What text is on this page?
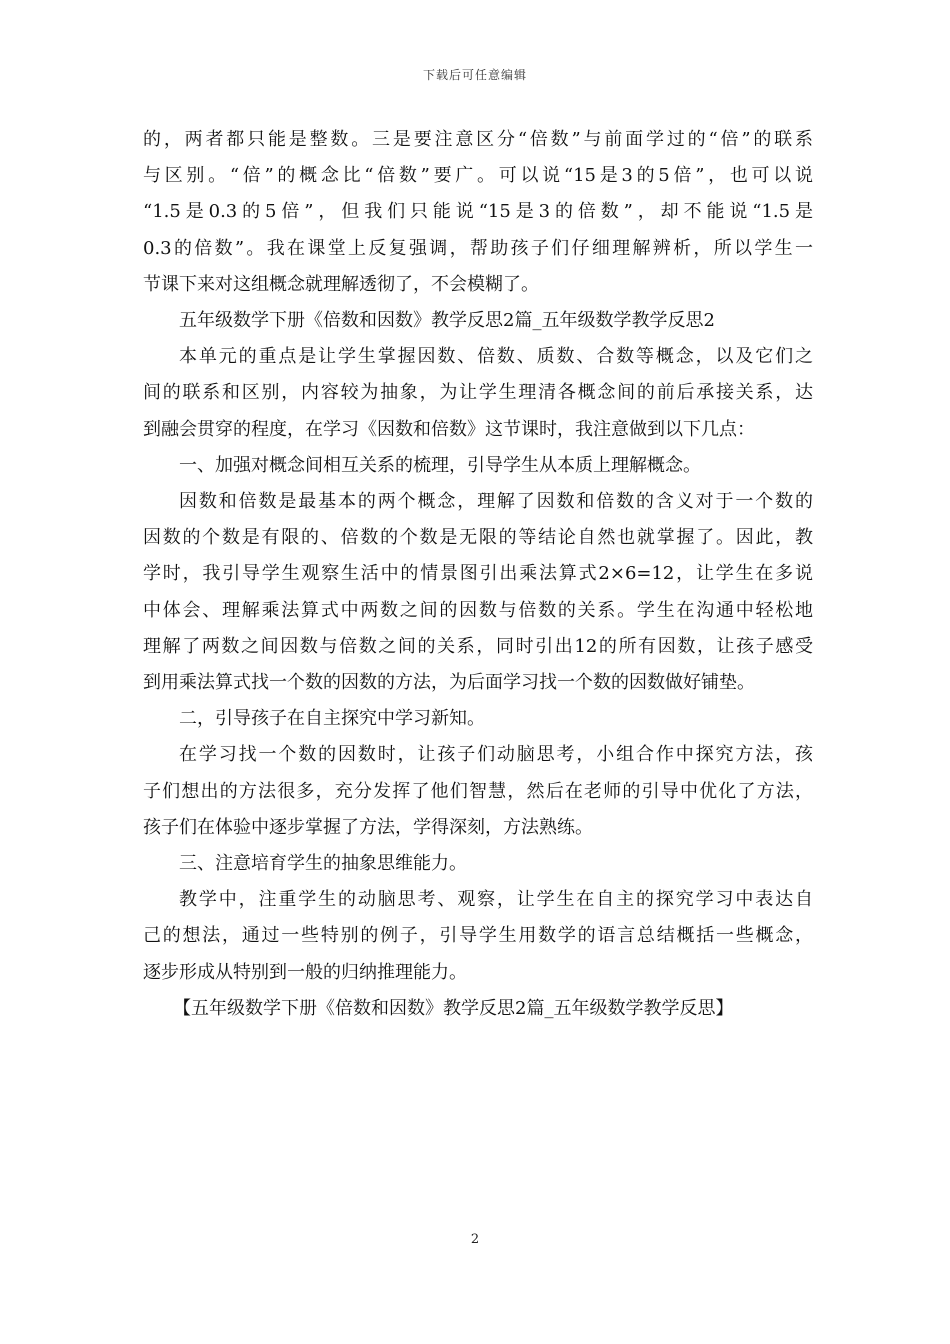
下载后可任意编辑
的，两者都只能是整数。三是要注意区分“倍数”与前面学过的“倍”的联系
与区别。“倍”的概念比“倍数”要广。可以说“15是3的5倍”，也可以说
“1.5是0.3的5倍”，但我们只能说“15是3的倍数”，却不能说“1.5是
0.3的倍数”。我在课堂上反复强调，帮助孩子们仔细理解辨析，所以学生一
节课下来对这组概念就理解透彻了，不会模糊了。
五年级数学下册《倍数和因数》教学反思2篇_五年级数学教学反思2
本单元的重点是让学生掌握因数、倍数、质数、合数等概念，以及它们之
间的联系和区别，内容较为抽象，为让学生理清各概念间的前后承接关系，达
到融会贯穿的程度，在学习《因数和倍数》这节课时，我注意做到以下几点：
一、加强对概念间相互关系的梳理，引导学生从本质上理解概念。
因数和倍数是最基本的两个概念，理解了因数和倍数的含义对于一个数的
因数的个数是有限的、倍数的个数是无限的等结论自然也就掌握了。因此，教
学时，我引导学生观察生活中的情景图引出乘法算式2×6=12，让学生在多说
中体会、理解乘法算式中两数之间的因数与倍数的关系。学生在沟通中轻松地
理解了两数之间因数与倍数之间的关系，同时引出12的所有因数，让孩子感受
到用乘法算式找一个数的因数的方法，为后面学习找一个数的因数做好铺垫。
二，引导孩子在自主探究中学习新知。
在学习找一个数的因数时，让孩子们动脑思考，小组合作中探究方法，孩
子们想出的方法很多，充分发挥了他们智慧，然后在老师的引导中优化了方法，
孩子们在体验中逐步掌握了方法，学得深刻，方法熟练。
三、注意培育学生的抽象思维能力。
教学中，注重学生的动脑思考、观察，让学生在自主的探究学习中表达自
己的想法，通过一些特别的例子，引导学生用数学的语言总结概括一些概念，
逐步形成从特别到一般的归纳推理能力。
【五年级数学下册《倍数和因数》教学反思2篇_五年级数学教学反思】
2
